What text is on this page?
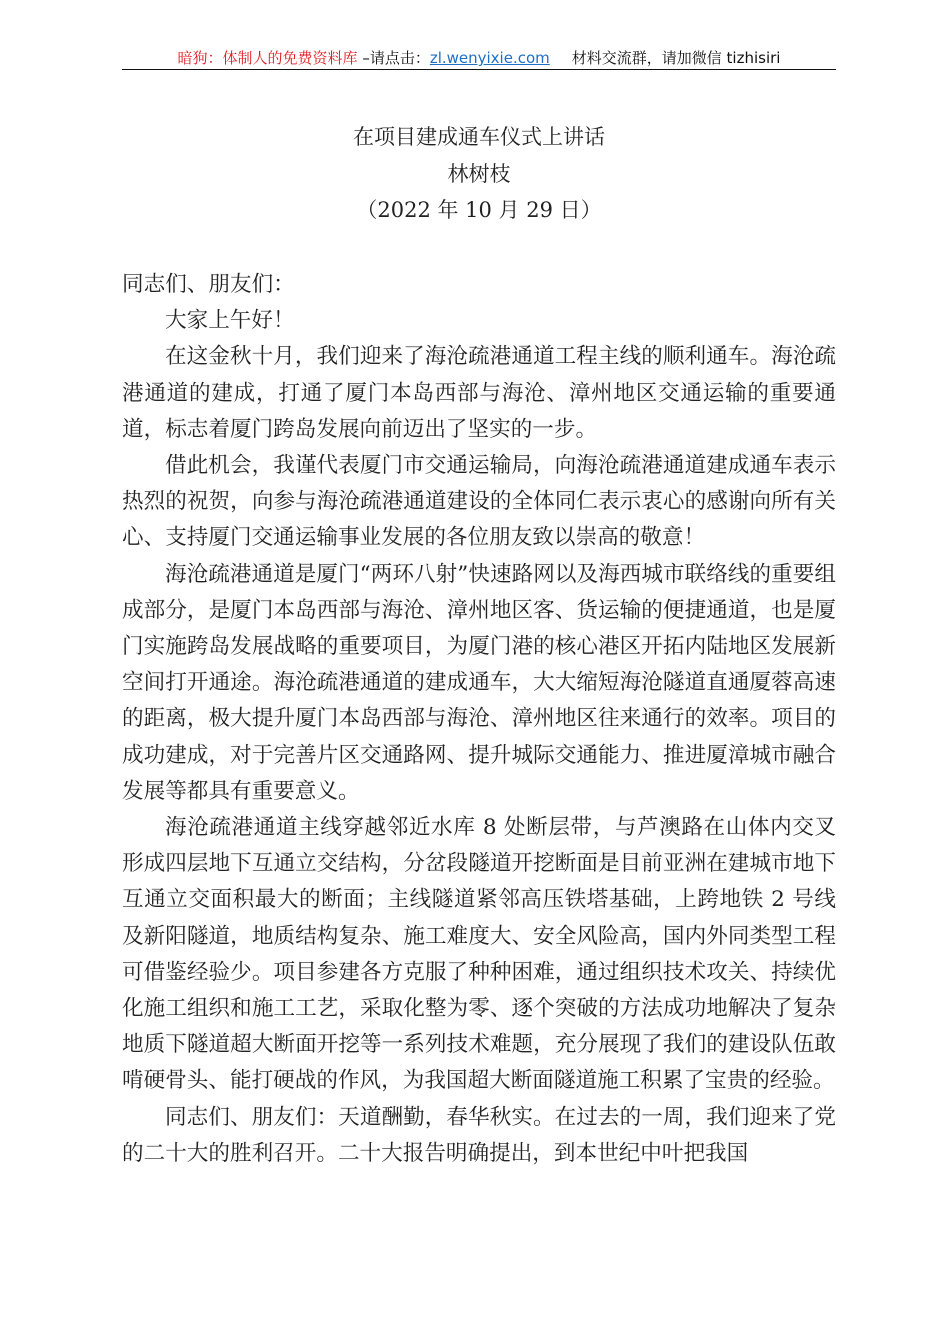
暗狗：体制人的免费资料库 –请点击：zl.wenyixie.com 材料交流群，请加微信 tizhisiri
在项目建成通车仪式上讲话
林树枝
（2022 年 10 月 29 日）

同志们、朋友们：

大家上午好！

在这金秋十月，我们迎来了海沧疏港通道工程主线的顺利通车。海沧疏港通道的建成，打通了厦门本岛西部与海沧、漳州地区交通运输的重要通道，标志着厦门跨岛发展向前迈出了坚实的一步。

借此机会，我谨代表厦门市交通运输局，向海沧疏港通道建成通车表示热烈的祝贺，向参与海沧疏港通道建设的全体同仁表示衷心的感谢向所有关心、支持厦门交通运输事业发展的各位朋友致以崇高的敬意！

海沧疏港通道是厦门“两环八射”快速路网以及海西城市联络线的重要组成部分，是厦门本岛西部与海沧、漳州地区客、货运输的便捷通道，也是厦门实施跨岛发展战略的重要项目，为厦门港的核心港区开拓内陆地区发展新空间打开通途。海沧疏港通道的建成通车，大大缩短海沧隧道直通厦蓉高速的距离，极大提升厦门本岛西部与海沧、漳州地区往来通行的效率。项目的成功建成，对于完善片区交通路网、提升城际交通能力、推进厦漳城市融合发展等都具有重要意义。

海沧疏港通道主线穿越邻近水库 8 处断层带，与芦澳路在山体内交叉形成四层地下互通立交结构，分岔段隧道开挖断面是目前亚洲在建城市地下互通立交面积最大的断面；主线隧道紧邻高压铁塔基础，上跨地铁 2 号线及新阳隧道，地质结构复杂、施工难度大、安全风险高，国内外同类型工程可借鉴经验少。项目参建各方克服了种种困难，通过组织技术攻关、持续优化施工组织和施工工艺，采取化整为零、逐个突破的方法成功地解决了复杂地质下隧道超大断面开挖等一系列技术难题，充分展现了我们的建设队伍敢啃硬骨头、能打硬战的作风，为我国超大断面隧道施工积累了宝贵的经验。

同志们、朋友们：天道酬勤，春华秋实。在过去的一周，我们迎来了党的二十大的胜利召开。二十大报告明确提出，到本世纪中叶把我国
